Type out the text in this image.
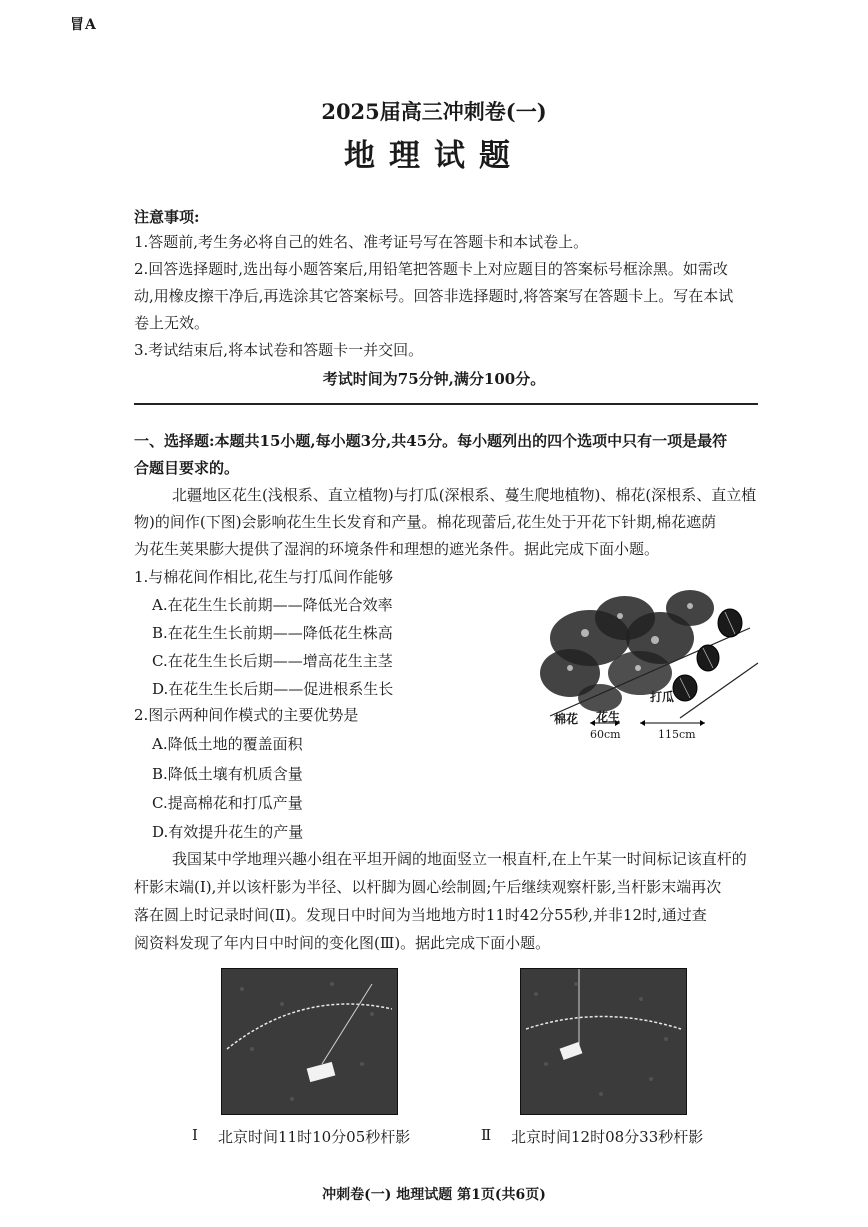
冒A
2025届高三冲刺卷(一)
地理试题
注意事项:
1.答题前,考生务必将自己的姓名、准考证号写在答题卡和本试卷上。
2.回答选择题时,选出每小题答案后,用铅笔把答题卡上对应题目的答案标号框涂黑。如需改
动,用橡皮擦干净后,再选涂其它答案标号。回答非选择题时,将答案写在答题卡上。写在本试
卷上无效。
3.考试结束后,将本试卷和答题卡一并交回。
考试时间为75分钟,满分100分。
一、选择题:本题共15小题,每小题3分,共45分。每小题列出的四个选项中只有一项是最符
合题目要求的。
北疆地区花生(浅根系、直立植物)与打瓜(深根系、蔓生爬地植物)、棉花(深根系、直立植
物)的间作(下图)会影响花生生长发育和产量。棉花现蕾后,花生处于开花下针期,棉花遮荫
为花生荚果膨大提供了湿润的环境条件和理想的遮光条件。据此完成下面小题。
1.与棉花间作相比,花生与打瓜间作能够
A.在花生生长前期——降低光合效率
B.在花生生长前期——降低花生株高
C.在花生生长后期——增高花生主茎
D.在花生生长后期——促进根系生长
2.图示两种间作模式的主要优势是
A.降低土地的覆盖面积
B.降低土壤有机质含量
C.提高棉花和打瓜产量
D.有效提升花生的产量
棉花 花生
打瓜
60cm	115cm
我国某中学地理兴趣小组在平坦开阔的地面竖立一根直杆,在上午某一时间标记该直杆的
杆影末端(Ⅰ),并以该杆影为半径、以杆脚为圆心绘制圆;午后继续观察杆影,当杆影末端再次
落在圆上时记录时间(Ⅱ)。发现日中时间为当地地方时11时42分55秒,并非12时,通过查
阅资料发现了年内日中时间的变化图(Ⅲ)。据此完成下面小题。
Ⅰ 北京时间11时10分05秒杆影	Ⅱ 北京时间12时08分33秒杆影
冲刺卷(一) 地理试题 第1页(共6页)
